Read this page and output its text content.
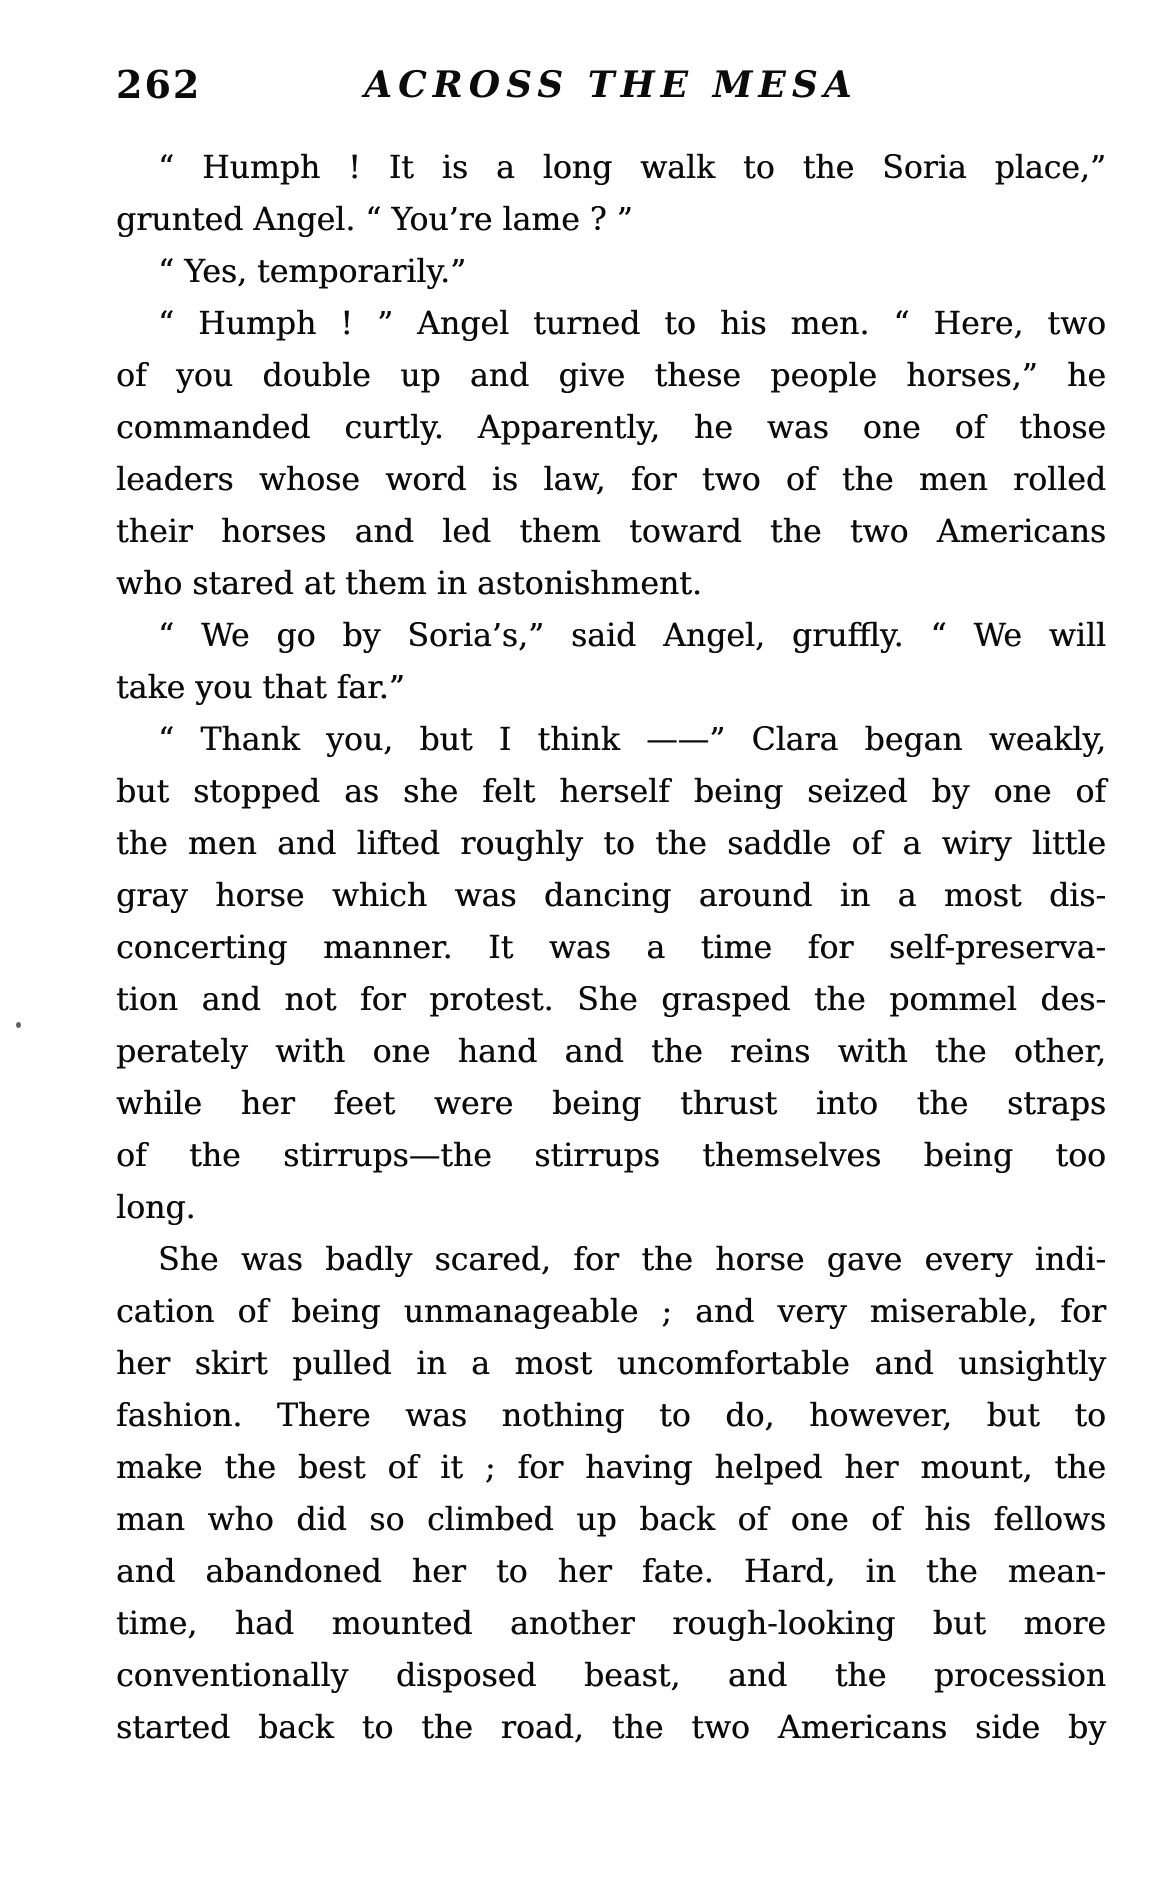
262	ACROSS THE MESA
“ Humph ! It is a long walk to the Soria place,”
grunted Angel. “ You’re lame ? ”
“ Yes, temporarily.”
“ Humph ! ” Angel turned to his men. “ Here, two
of you double up and give these people horses,” he
commanded curtly. Apparently, he was one of those
leaders whose word is law, for two of the men rolled
their horses and led them toward the two Americans
who stared at them in astonishment.
“ We go by Soria’s,” said Angel, gruffly. “ We will
take you that far.”
“ Thank you, but I think ——” Clara began weakly,
but stopped as she felt herself being seized by one of
the men and lifted roughly to the saddle of a wiry little
gray horse which was dancing around in a most dis-
concerting manner. It was a time for self-preserva-
tion and not for protest. She grasped the pommel des-
perately with one hand and the reins with the other,
while her feet were being thrust into the straps
of the stirrups—the stirrups themselves being too
long.
She was badly scared, for the horse gave every indi-
cation of being unmanageable ; and very miserable, for
her skirt pulled in a most uncomfortable and unsightly
fashion. There was nothing to do, however, but to
make the best of it ; for having helped her mount, the
man who did so climbed up back of one of his fellows
and abandoned her to her fate. Hard, in the mean-
time, had mounted another rough-looking but more
conventionally disposed beast, and the procession
started back to the road, the two Americans side by
